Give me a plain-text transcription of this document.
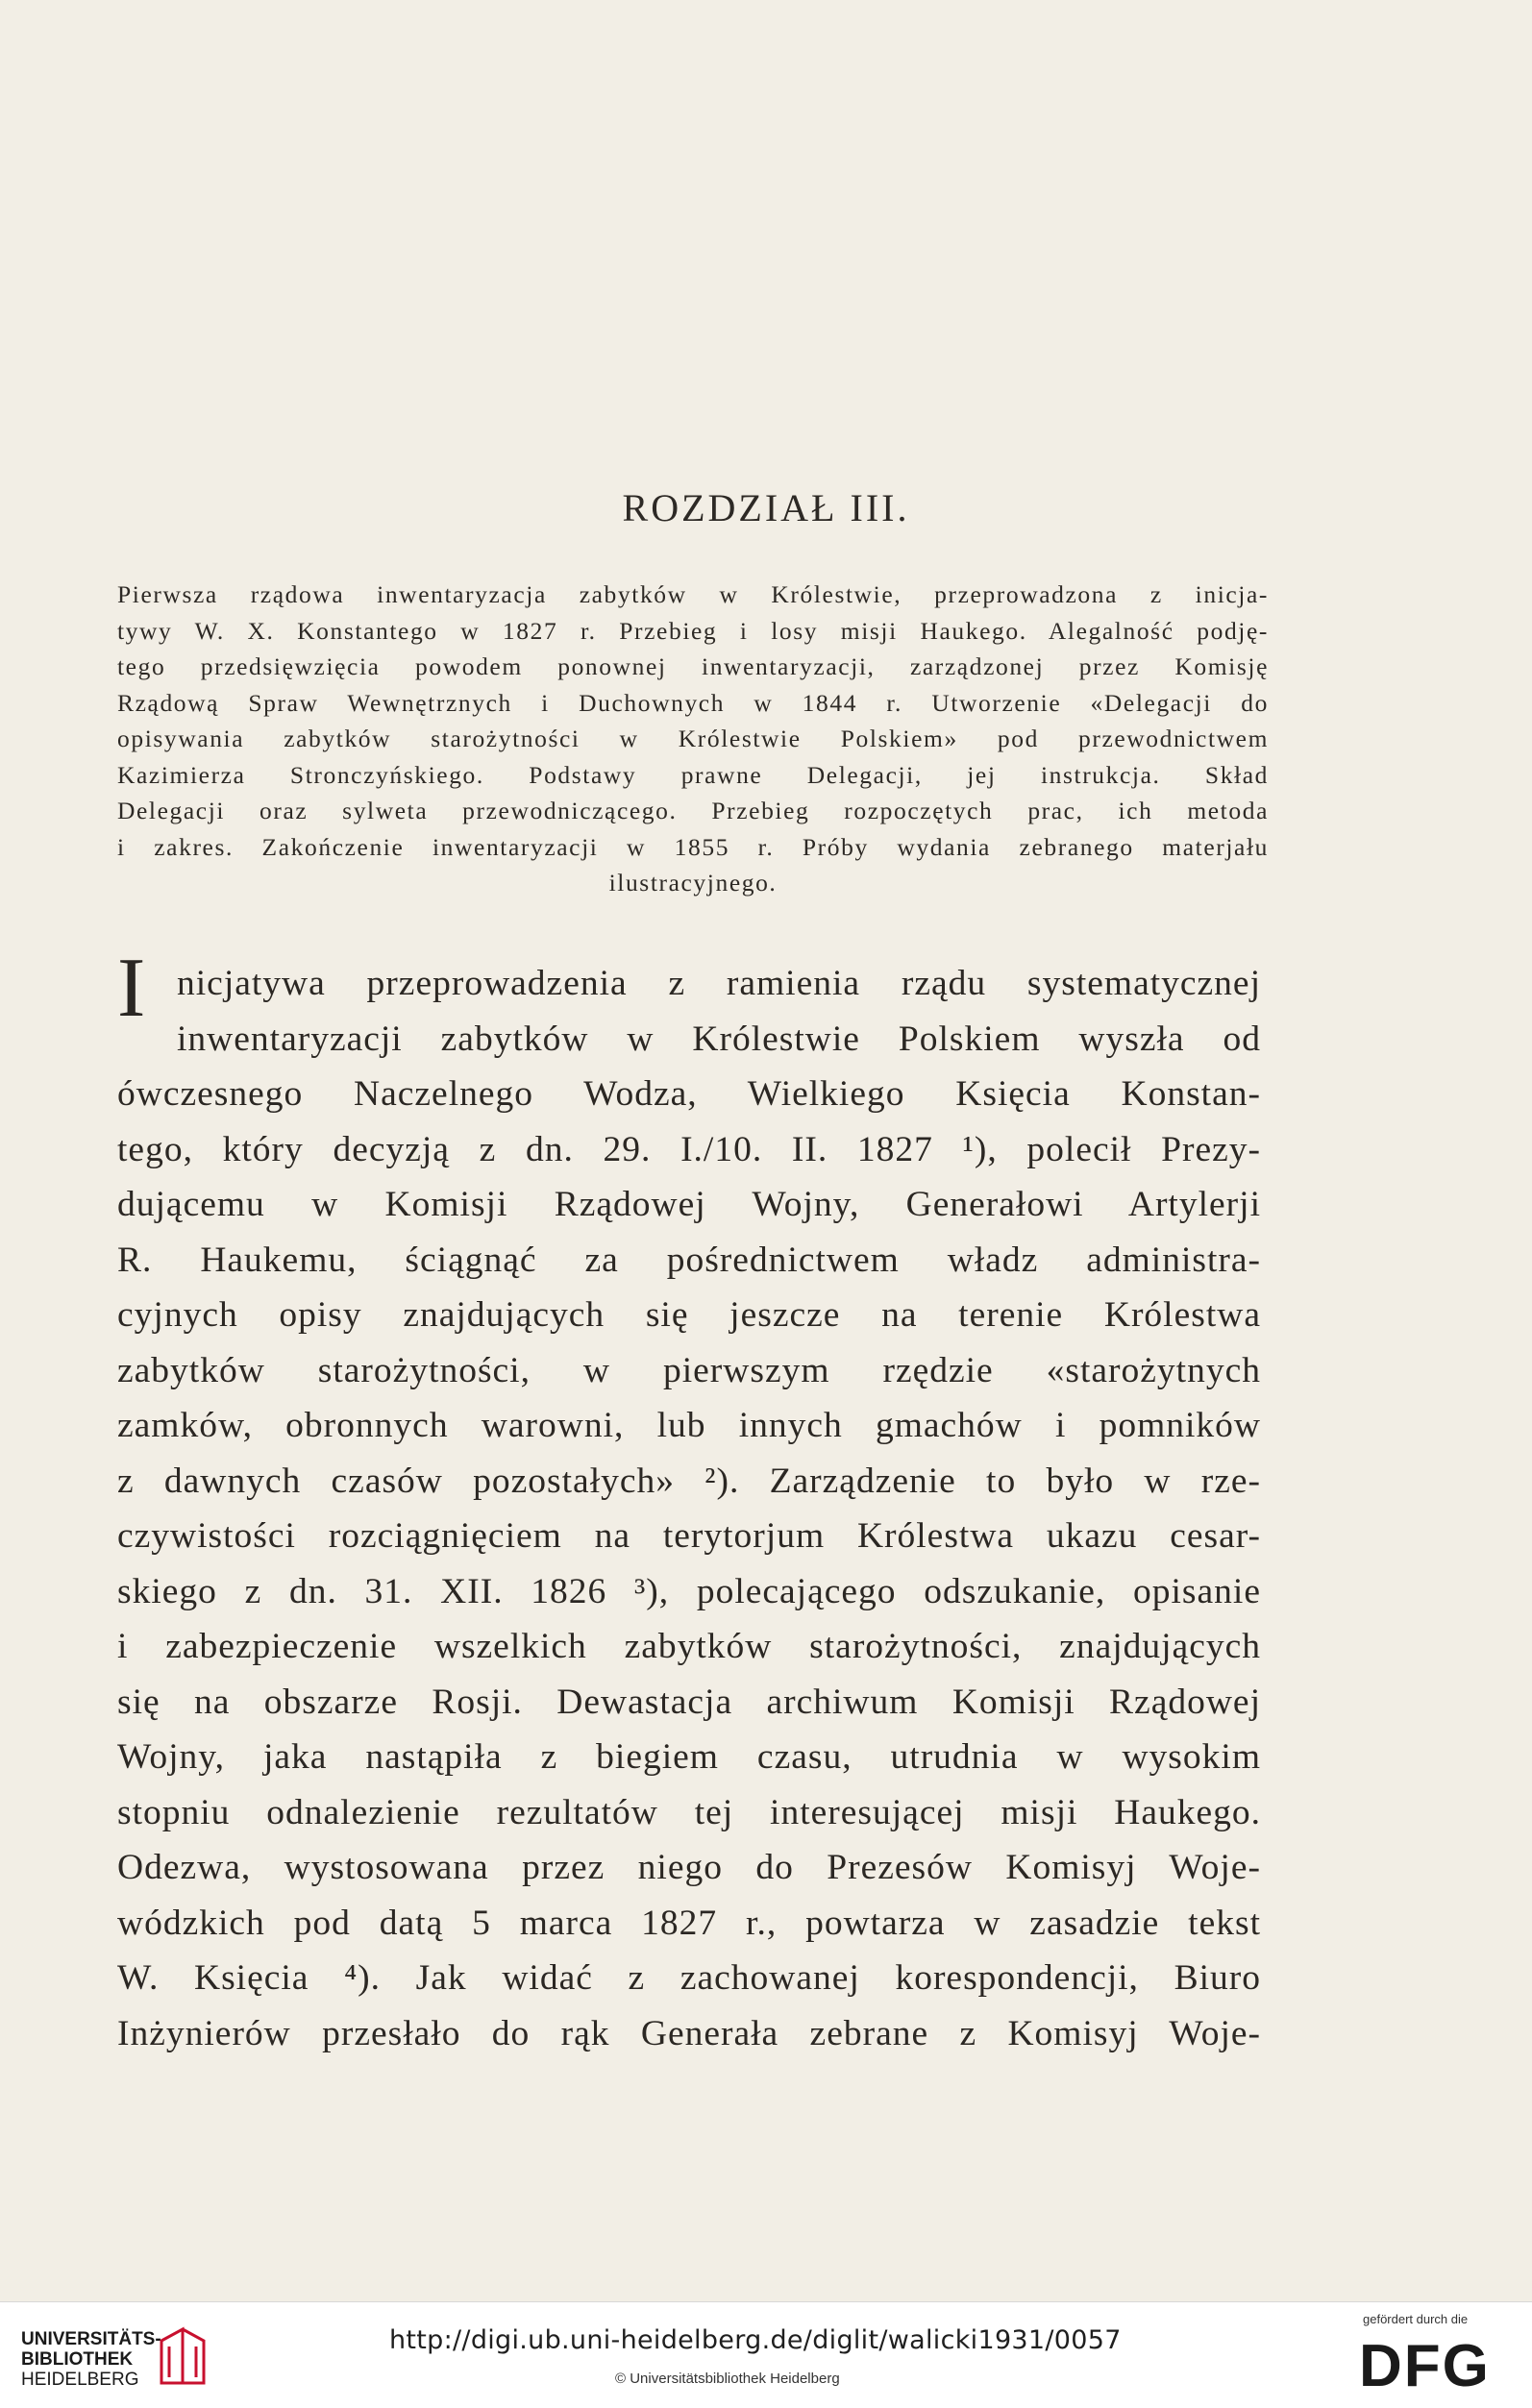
ROZDZIAŁ III.
Pierwsza rządowa inwentaryzacja zabytków w Królestwie, przeprowadzona z inicja-
tywy W. X. Konstantego w 1827 r. Przebieg i losy misji Haukego. Alegalność podję-
tego przedsięwzięcia powodem ponownej inwentaryzacji, zarządzonej przez Komisję
Rządową Spraw Wewnętrznych i Duchownych w 1844 r. Utworzenie «Delegacji do
opisywania zabytków starożytności w Królestwie Polskiem» pod przewodnictwem
Kazimierza Stronczyńskiego. Podstawy prawne Delegacji, jej instrukcja. Skład
Delegacji oraz sylweta przewodniczącego. Przebieg rozpoczętych prac, ich metoda
i zakres. Zakończenie inwentaryzacji w 1855 r. Próby wydania zebranego materjału
ilustracyjnego.
I nicjatywa przeprowadzenia z ramienia rządu systematycznej
inwentaryzacji zabytków w Królestwie Polskiem wyszła od
ówczesnego Naczelnego Wodza, Wielkiego Księcia Konstan-
tego, który decyzją z dn. 29. I./10. II. 1827 ¹), polecił Prezy-
dującemu w Komisji Rządowej Wojny, Generałowi Artylerji
R. Haukemu, ściągnąć za pośrednictwem władz administra-
cyjnych opisy znajdujących się jeszcze na terenie Królestwa
zabytków starożytności, w pierwszym rzędzie «starożytnych
zamków, obronnych warowni, lub innych gmachów i pomników
z dawnych czasów pozostałych» ²). Zarządzenie to było w rze-
czywistości rozciągnięciem na terytorjum Królestwa ukazu cesar-
skiego z dn. 31. XII. 1826 ³), polecającego odszukanie, opisanie
i zabezpieczenie wszelkich zabytków starożytności, znajdujących
się na obszarze Rosji. Dewastacja archiwum Komisji Rządowej
Wojny, jaka nastąpiła z biegiem czasu, utrudnia w wysokim
stopniu odnalezienie rezultatów tej interesującej misji Haukego.
Odezwa, wystosowana przez niego do Prezesów Komisyj Woje-
wódzkich pod datą 5 marca 1827 r., powtarza w zasadzie tekst
W. Księcia ⁴). Jak widać z zachowanej korespondencji, Biuro
Inżynierów przesłało do rąk Generała zebrane z Komisyj Woje-
UNIVERSITÄTS-
BIBLIOTHEK
HEIDELBERG
http://digi.ub.uni-heidelberg.de/diglit/walicki1931/0057
© Universitätsbibliothek Heidelberg
gefördert durch die
DFG
